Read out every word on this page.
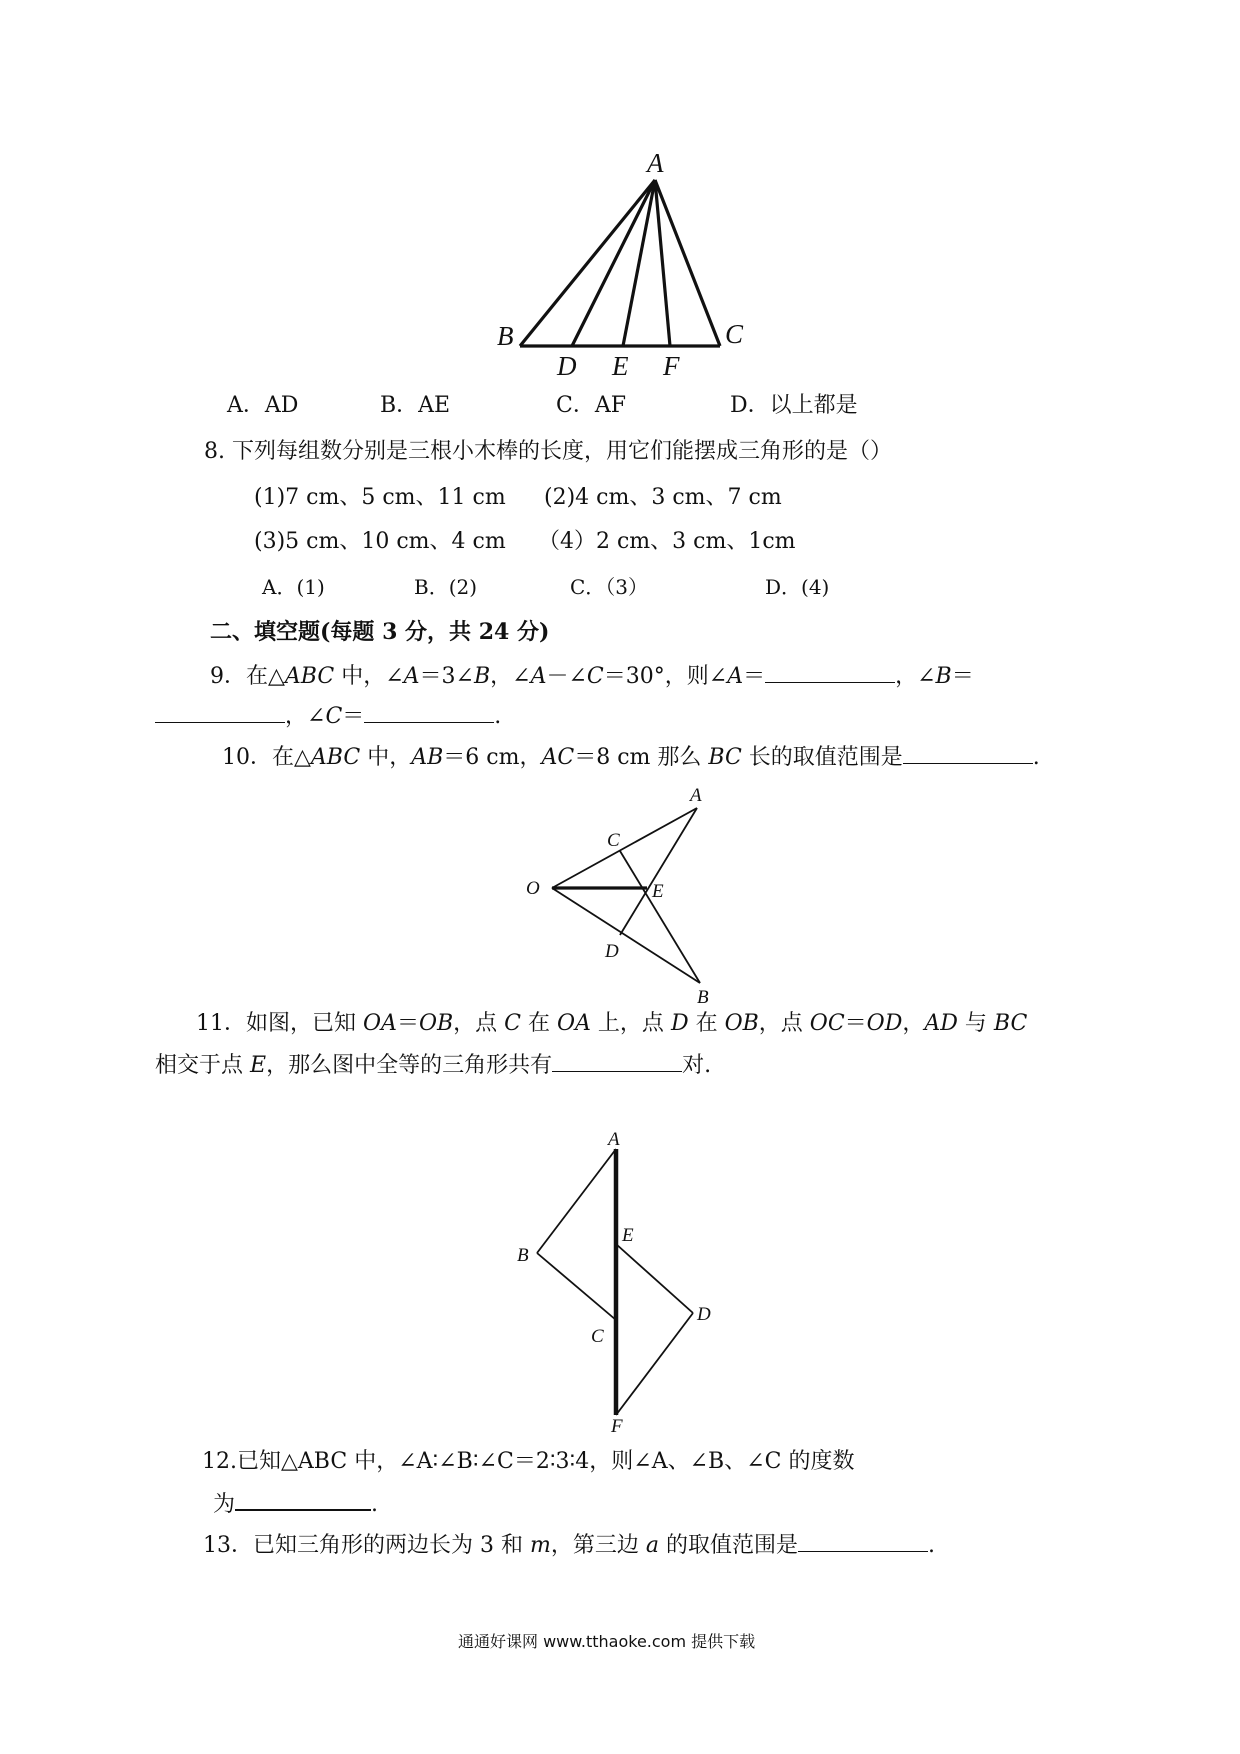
A
B	C
D E F
A．AD	B．AE	C．AF	D．以上都是
8. 下列每组数分别是三根小木棒的长度，用它们能摆成三角形的是（）
(1)7 cm、5 cm、11 cm (2)4 cm、3 cm、7 cm
(3)5 cm、10 cm、4 cm （4）2 cm、3 cm、1cm
A．(1)	B．(2)	C．（3）	D．(4)
二、填空题(每题 3 分，共 24 分)
9．在△ABC 中，∠A＝3∠B，∠A－∠C＝30°，则∠A＝	，∠B＝
，∠C＝	.
10．在△ABC 中，AB＝6 cm，AC＝8 cm 那么 BC 长的取值范围是	.
A
C
O	E
D
B
11．如图，已知 OA＝OB，点 C 在 OA 上，点 D 在 OB，点 OC＝OD，AD 与 BC
相交于点 E，那么图中全等的三角形共有	对.
A
E
B
D
C
F
12.已知△ABC 中，∠A∶∠B∶∠C＝2∶3∶4，则∠A、∠B、∠C 的度数
为	.
13．已知三角形的两边长为 3 和 m，第三边 a 的取值范围是	.
通通好课网 www.tthaoke.com 提供下载
